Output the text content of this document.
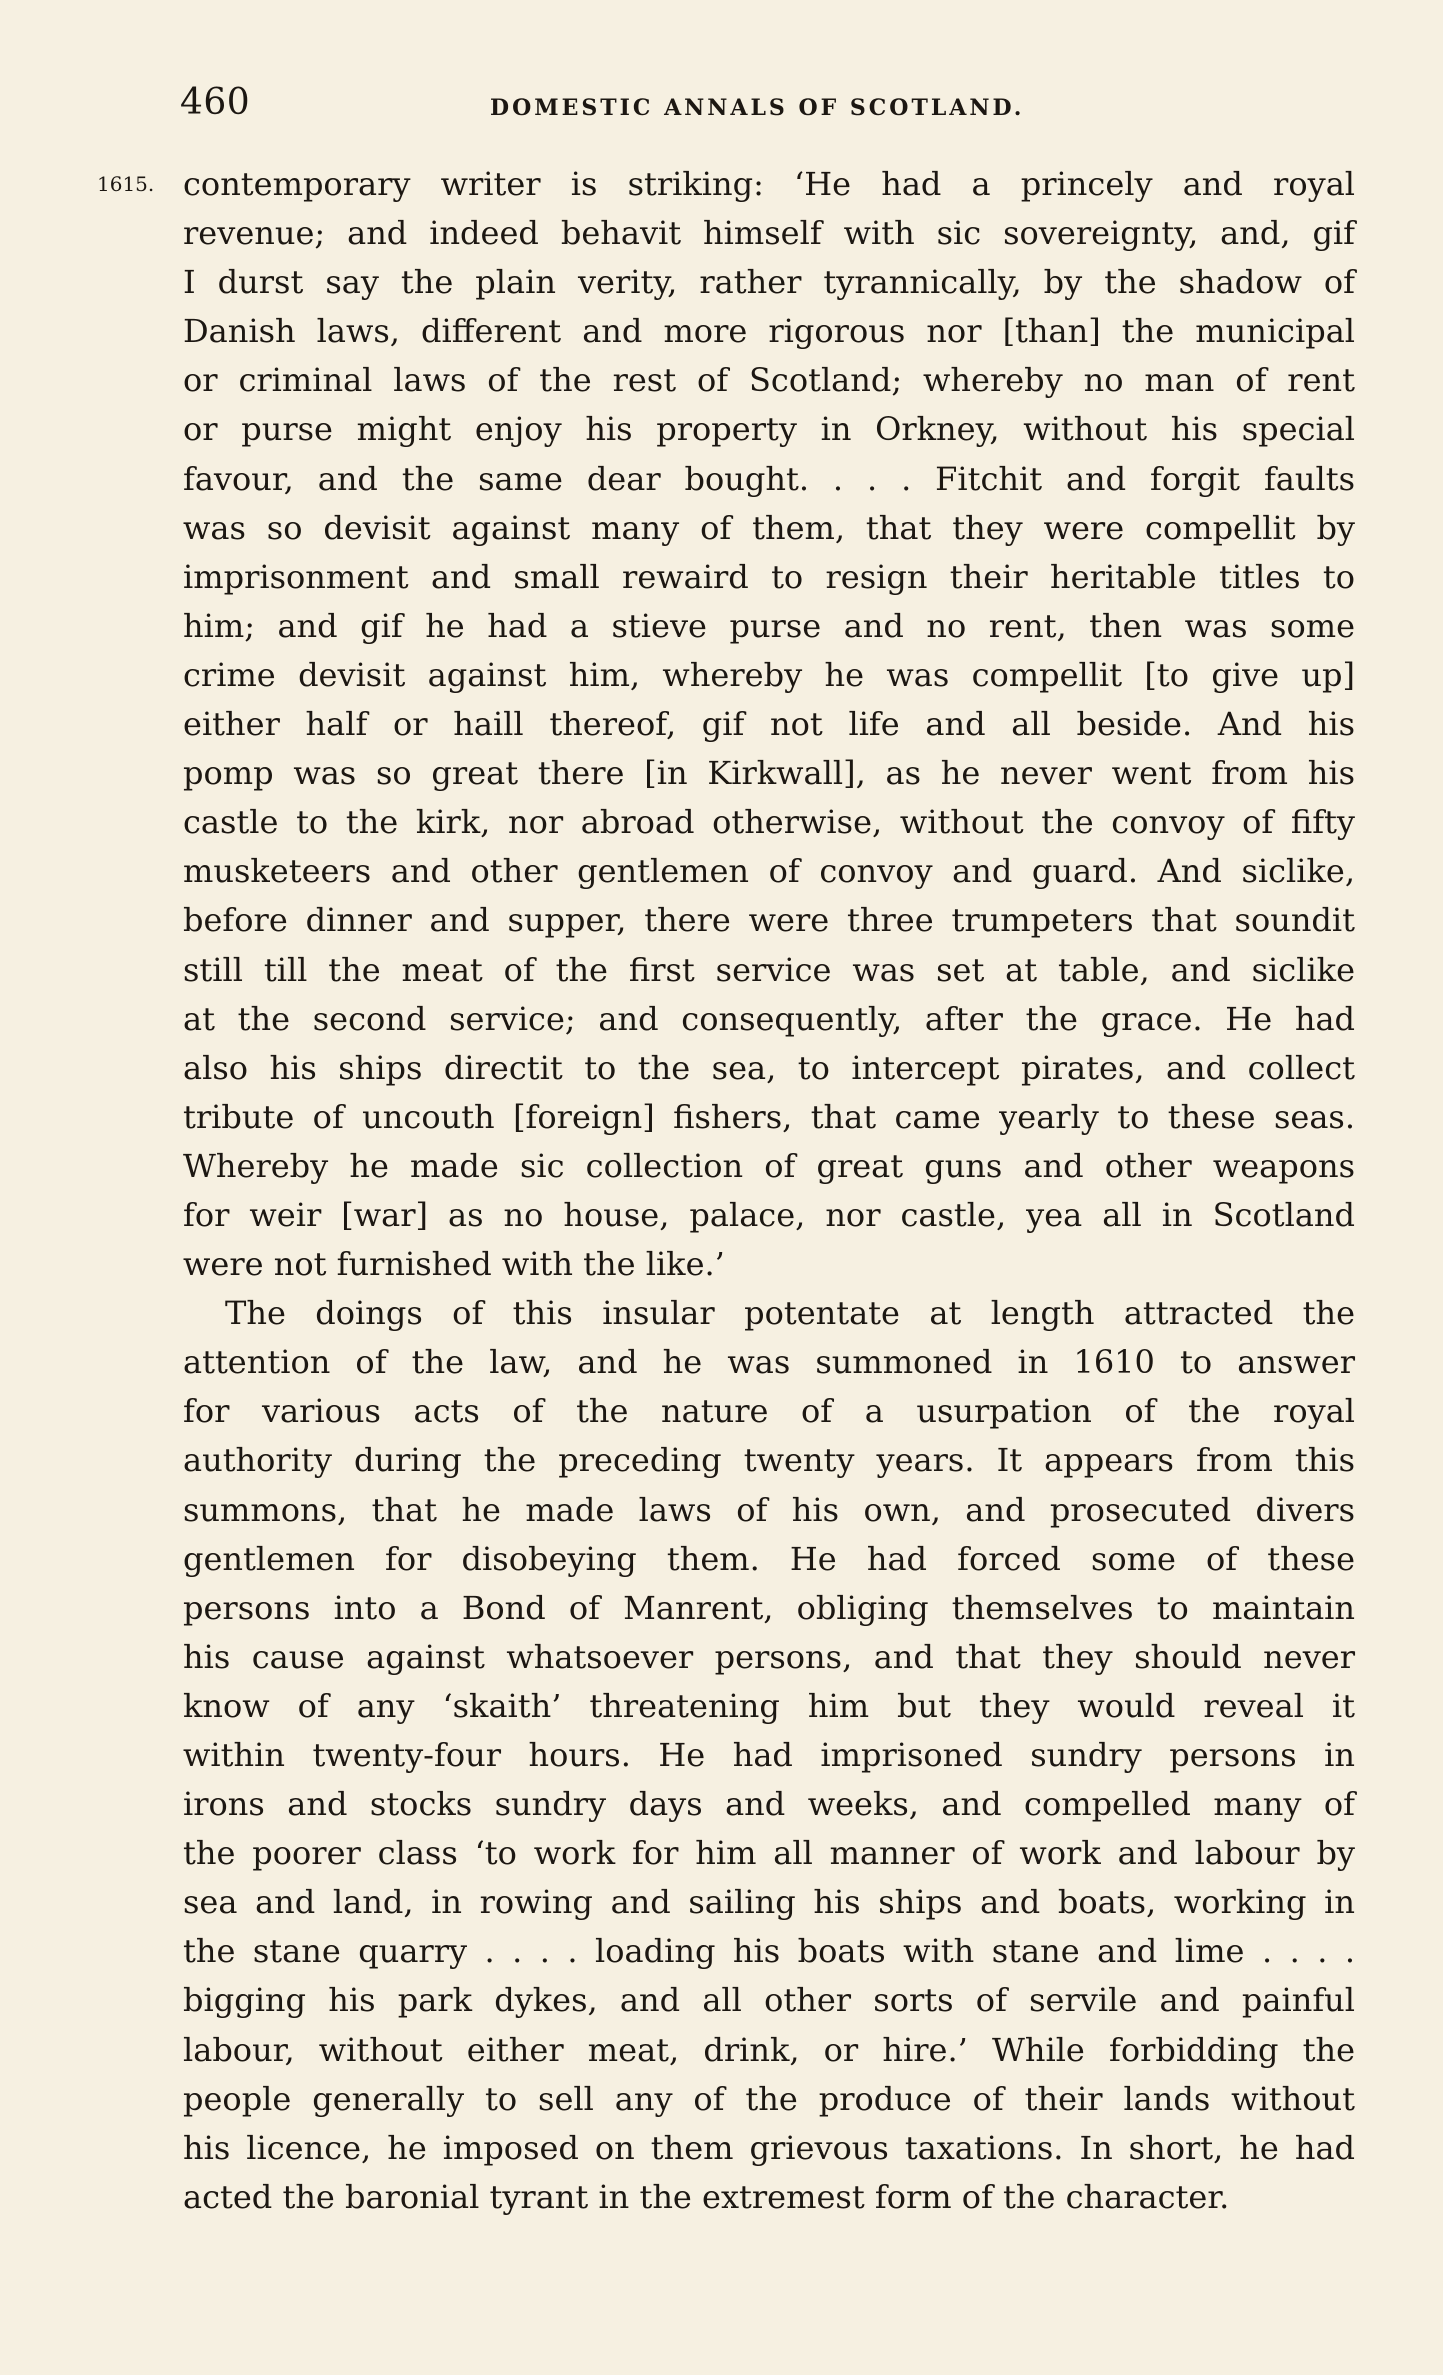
460	DOMESTIC ANNALS OF SCOTLAND.
1615. contemporary writer is striking: ‘He had a princely and royal
revenue; and indeed behavit himself with sic sovereignty, and, gif
I durst say the plain verity, rather tyrannically, by the shadow of
Danish laws, different and more rigorous nor [than] the municipal
or criminal laws of the rest of Scotland; whereby no man of rent
or purse might enjoy his property in Orkney, without his special
favour, and the same dear bought. . . . Fitchit and forgit faults
was so devisit against many of them, that they were compellit by
imprisonment and small rewaird to resign their heritable titles to
him; and gif he had a stieve purse and no rent, then was some
crime devisit against him, whereby he was compellit [to give up]
either half or haill thereof, gif not life and all beside. And his
pomp was so great there [in Kirkwall], as he never went from his
castle to the kirk, nor abroad otherwise, without the convoy of fifty
musketeers and other gentlemen of convoy and guard. And siclike,
before dinner and supper, there were three trumpeters that soundit
still till the meat of the first service was set at table, and siclike
at the second service; and consequently, after the grace. He had
also his ships directit to the sea, to intercept pirates, and collect
tribute of uncouth [foreign] fishers, that came yearly to these seas.
Whereby he made sic collection of great guns and other weapons
for weir [war] as no house, palace, nor castle, yea all in Scotland
were not furnished with the like.’
The doings of this insular potentate at length attracted the
attention of the law, and he was summoned in 1610 to answer
for various acts of the nature of a usurpation of the royal
authority during the preceding twenty years. It appears from this
summons, that he made laws of his own, and prosecuted divers
gentlemen for disobeying them. He had forced some of these
persons into a Bond of Manrent, obliging themselves to maintain
his cause against whatsoever persons, and that they should never
know of any ‘skaith’ threatening him but they would reveal it
within twenty-four hours. He had imprisoned sundry persons in
irons and stocks sundry days and weeks, and compelled many of
the poorer class ‘to work for him all manner of work and labour by
sea and land, in rowing and sailing his ships and boats, working in
the stane quarry . . . . loading his boats with stane and lime . . . .
bigging his park dykes, and all other sorts of servile and painful
labour, without either meat, drink, or hire.’ While forbidding the
people generally to sell any of the produce of their lands without
his licence, he imposed on them grievous taxations. In short, he had
acted the baronial tyrant in the extremest form of the character.
